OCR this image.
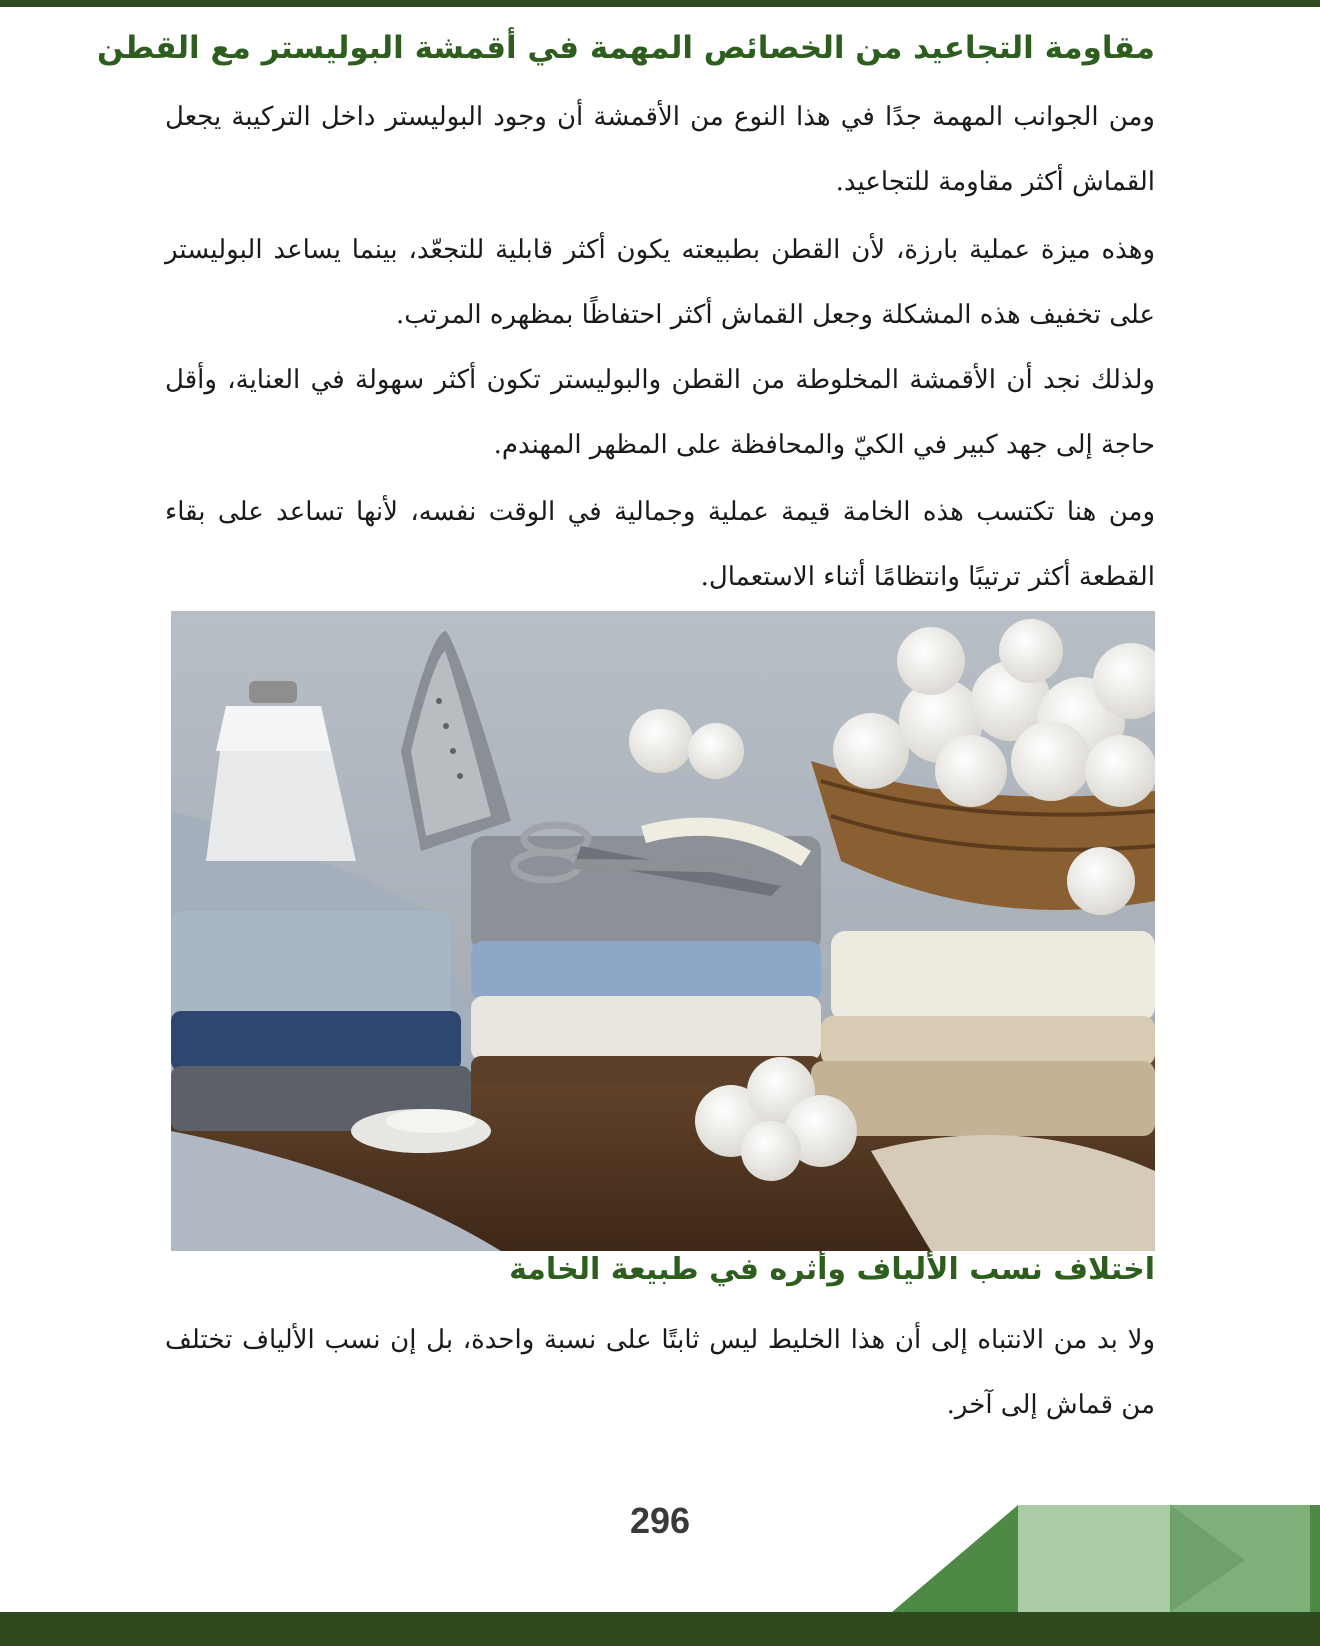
مقاومة التجاعيد من الخصائص المهمة في أقمشة البوليستر مع القطن

ومن الجوانب المهمة جدًا في هذا النوع من الأقمشة أن وجود البوليستر داخل التركيبة يجعل القماش أكثر مقاومة للتجاعيد.

وهذه ميزة عملية بارزة، لأن القطن بطبيعته يكون أكثر قابلية للتجعّد، بينما يساعد البوليستر على تخفيف هذه المشكلة وجعل القماش أكثر احتفاظًا بمظهره المرتب.

ولذلك نجد أن الأقمشة المخلوطة من القطن والبوليستر تكون أكثر سهولة في العناية، وأقل حاجة إلى جهد كبير في الكيّ والمحافظة على المظهر المهندم.

ومن هنا تكتسب هذه الخامة قيمة عملية وجمالية في الوقت نفسه، لأنها تساعد على بقاء القطعة أكثر ترتيبًا وانتظامًا أثناء الاستعمال.

اختلاف نسب الألياف وأثره في طبيعة الخامة

ولا بد من الانتباه إلى أن هذا الخليط ليس ثابتًا على نسبة واحدة، بل إن نسب الألياف تختلف من قماش إلى آخر.

296
